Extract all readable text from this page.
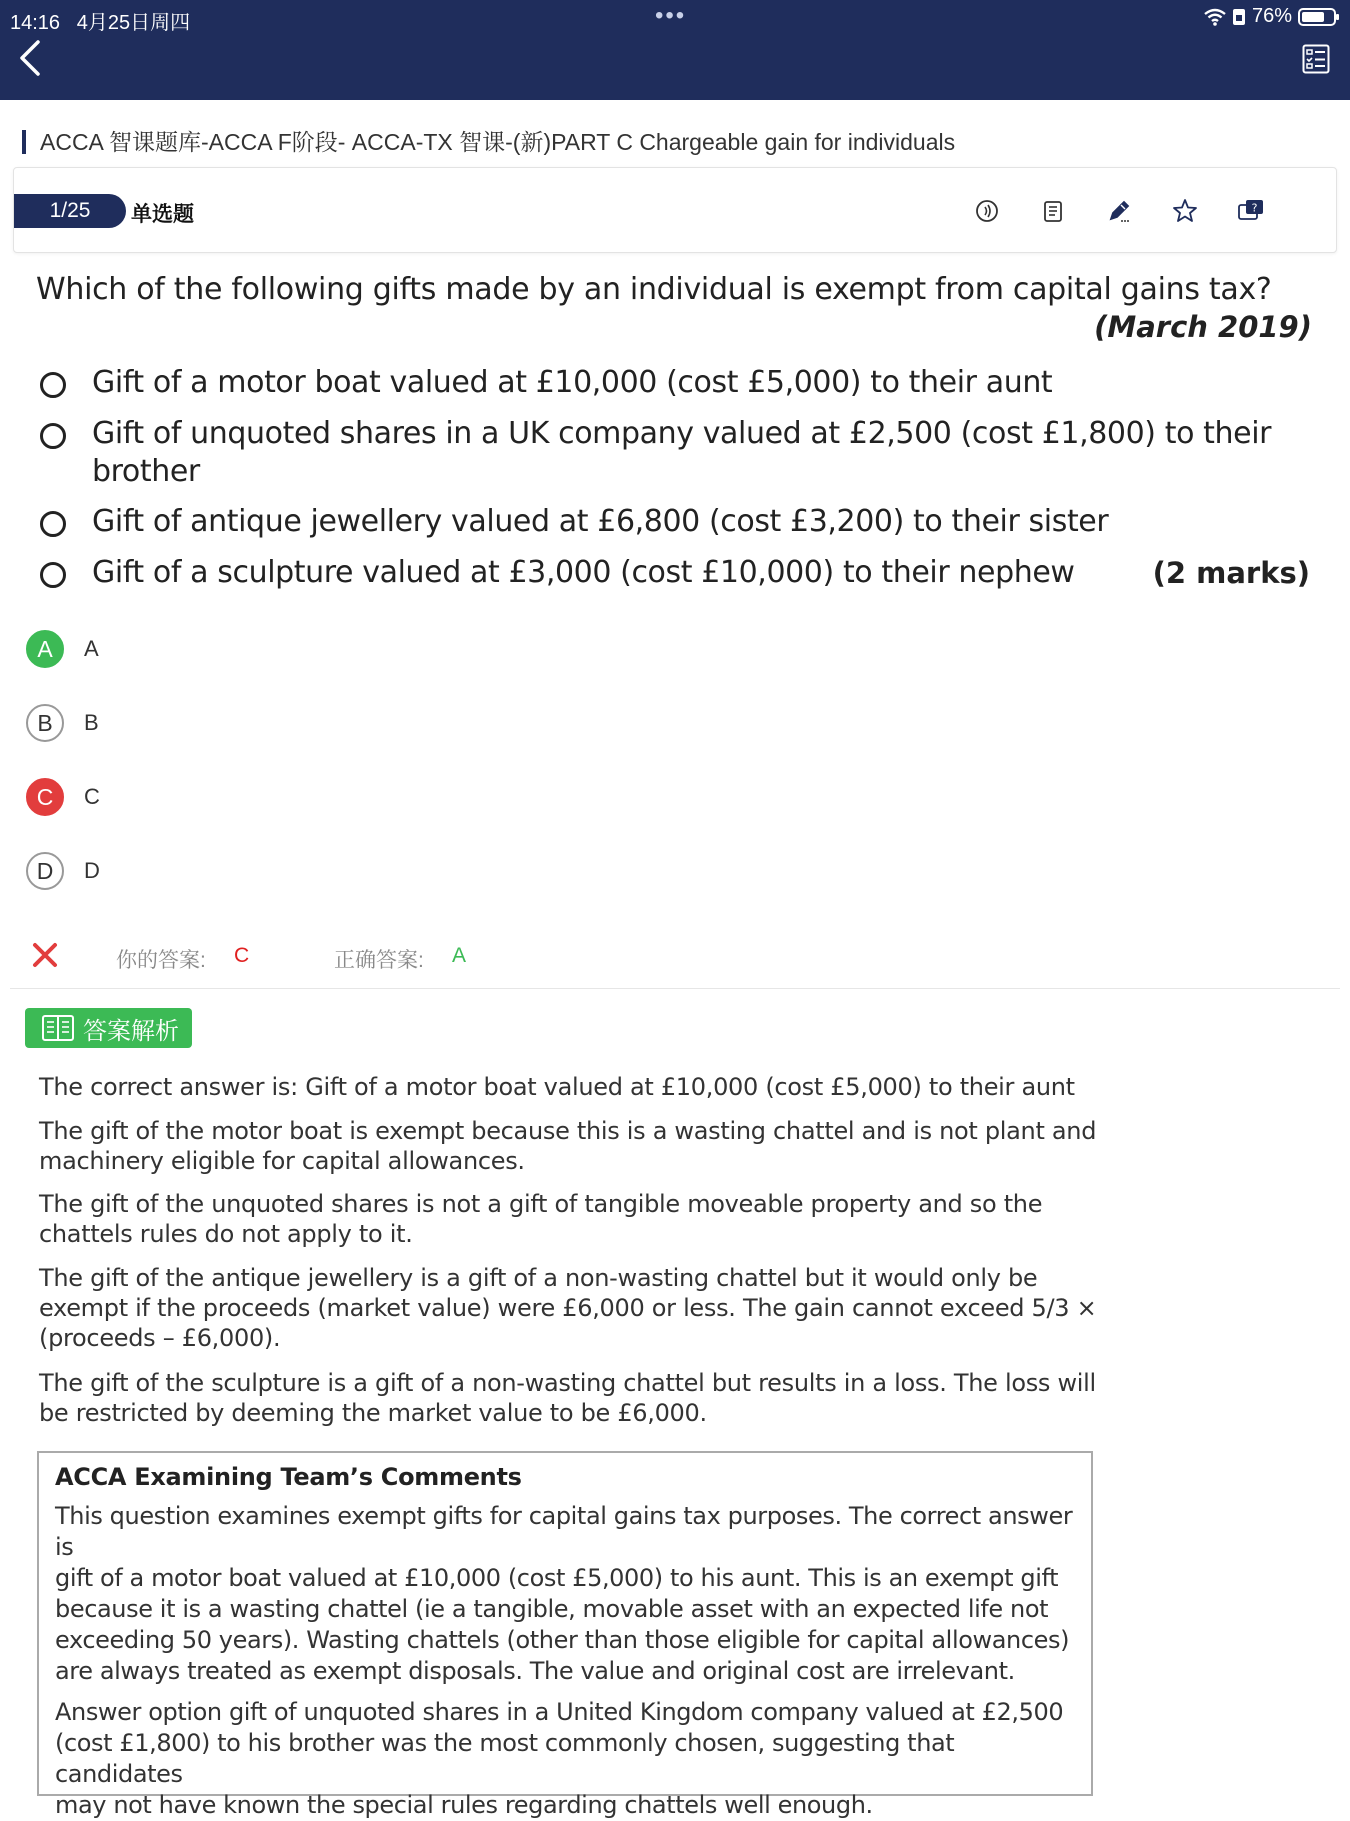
14:16 4月25日周四	•••	76%
ACCA 智课题库-ACCA F阶段- ACCA-TX 智课-(新)PART C Chargeable gain for individuals
1/25	单选题	?
Which of the following gifts made by an individual is exempt from capital gains tax?
(March 2019)
Gift of a motor boat valued at £10,000 (cost £5,000) to their aunt
Gift of unquoted shares in a UK company valued at £2,500 (cost £1,800) to their
brother
Gift of antique jewellery valued at £6,800 (cost £3,200) to their sister
Gift of a sculpture valued at £3,000 (cost £10,000) to their nephew	(2 marks)
A	A
B	B
C	C
D	D
你的答案: C	正确答案: A
答案解析
The correct answer is: Gift of a motor boat valued at £10,000 (cost £5,000) to their aunt
The gift of the motor boat is exempt because this is a wasting chattel and is not plant and
machinery eligible for capital allowances.
The gift of the unquoted shares is not a gift of tangible moveable property and so the
chattels rules do not apply to it.
The gift of the antique jewellery is a gift of a non-wasting chattel but it would only be
exempt if the proceeds (market value) were £6,000 or less. The gain cannot exceed 5/3 ×
(proceeds – £6,000).
The gift of the sculpture is a gift of a non-wasting chattel but results in a loss. The loss will
be restricted by deeming the market value to be £6,000.
ACCA Examining Team’s Comments

This question examines exempt gifts for capital gains tax purposes. The correct answer is
gift of a motor boat valued at £10,000 (cost £5,000) to his aunt. This is an exempt gift
because it is a wasting chattel (ie a tangible, movable asset with an expected life not
exceeding 50 years). Wasting chattels (other than those eligible for capital allowances)
are always treated as exempt disposals. The value and original cost are irrelevant.

Answer option gift of unquoted shares in a United Kingdom company valued at £2,500
(cost £1,800) to his brother was the most commonly chosen, suggesting that candidates
may not have known the special rules regarding chattels well enough.
